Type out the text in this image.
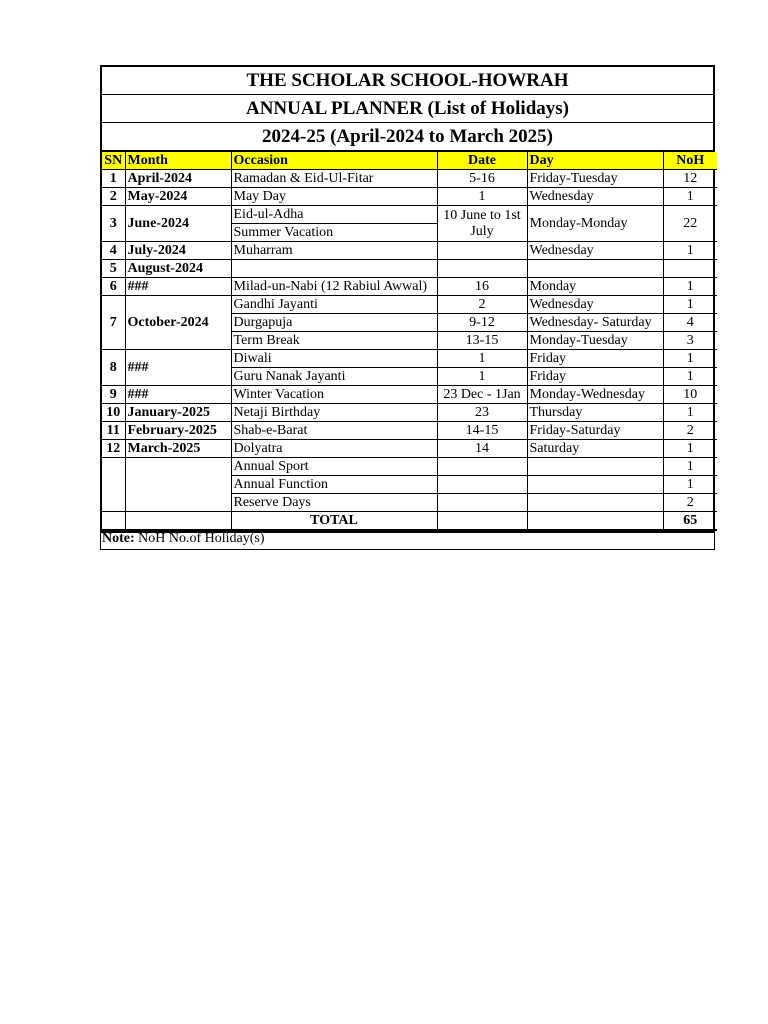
THE SCHOLAR SCHOOL-HOWRAH
ANNUAL PLANNER (List of Holidays)
2024-25 (April-2024 to March 2025)
SN	Month	Occasion	Date	Day	NoH
1	April-2024	Ramadan & Eid-Ul-Fitar	5-16	Friday-Tuesday	12
2	May-2024	May Day	1	Wednesday	1
3	June-2024	Eid-ul-Adha	10 June to 1st July	Monday-Monday	22
		Summer Vacation			
4	July-2024	Muharram		Wednesday	1
5	August-2024				
6	###	Milad-un-Nabi (12 Rabiul Awwal)	16	Monday	1
7	October-2024	Gandhi Jayanti	2	Wednesday	1
		Durgapuja	9-12	Wednesday- Saturday	4
		Term Break	13-15	Monday-Tuesday	3
8	###	Diwali	1	Friday	1
		Guru Nanak Jayanti	1	Friday	1
9	###	Winter Vacation	23 Dec - 1Jan	Monday-Wednesday	10
10	January-2025	Netaji Birthday	23	Thursday	1
11	February-2025	Shab-e-Barat	14-15	Friday-Saturday	2
12	March-2025	Dolyatra	14	Saturday	1
		Annual Sport			1
		Annual Function			1
		Reserve Days			2
		TOTAL			65
Note: NoH No.of Holiday(s)
